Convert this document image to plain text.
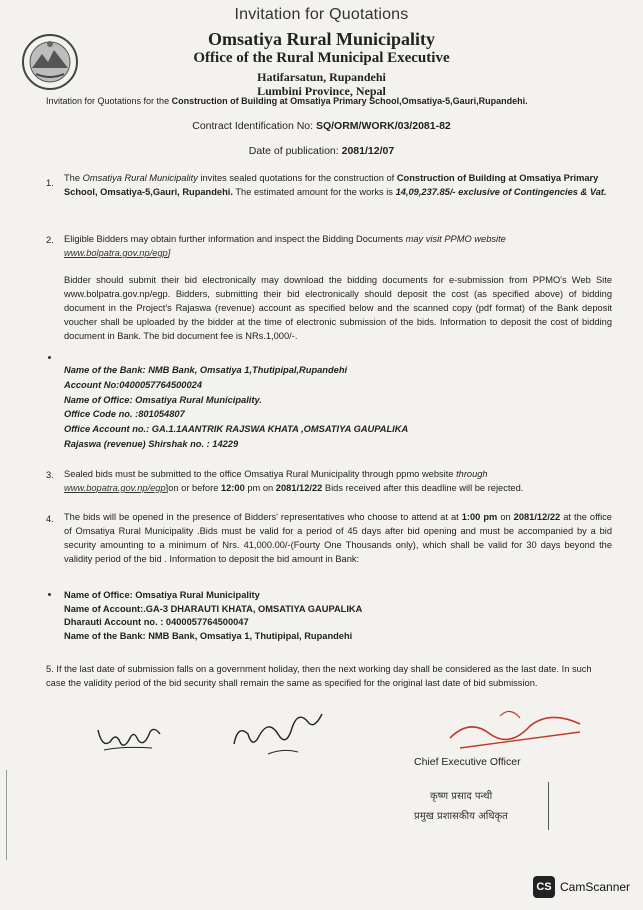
Invitation for Quotations
Omsatiya Rural Municipality
Office of the Rural Municipal Executive
Hatifarsatun, Rupandehi
Lumbini Province, Nepal
Invitation for Quotations for the Construction of Building at Omsatiya Primary School,Omsatiya-5,Gauri,Rupandehi.
Contract Identification No: SQ/ORM/WORK/03/2081-82
Date of publication: 2081/12/07
1. The Omsatiya Rural Municipality invites sealed quotations for the construction of Construction of Building at Omsatiya Primary School, Omsatiya-5,Gauri, Rupandehi. The estimated amount for the works is 14,09,237.85/- exclusive of Contingencies & Vat.
2. Eligible Bidders may obtain further information and inspect the Bidding Documents may visit PPMO website
www.bolpatra.gov.np/egp]
Bidder should submit their bid electronically may download the bidding documents for e-submission from PPMO's Web Site www.bolpatra.gov.np/egp. Bidders, submitting their bid electronically should deposit the cost (as specified above) of bidding document in the Project's Rajaswa (revenue) account as specified below and the scanned copy (pdf format) of the Bank deposit voucher shall be uploaded by the bidder at the time of electronic submission of the bids. Information to deposit the cost of bidding document in Bank. The bid document fee is NRs.1,000/-.
Name of the Bank: NMB Bank, Omsatiya 1,Thutipipal,Rupandehi
Account No:0400057764500024
Name of Office: Omsatiya Rural Municipality.
Office Code no. :801054807
Office Account no.: GA.1.1AANTRIK RAJSWA KHATA ,OMSATIYA GAUPALIKA
Rajaswa (revenue) Shirshak no. : 14229
3. Sealed bids must be submitted to the office Omsatiya Rural Municipality through ppmo website through
www.bopatra.gov.np/egp]on or before 12:00 pm on 2081/12/22 Bids received after this deadline will be rejected.
4. The bids will be opened in the presence of Bidders' representatives who choose to attend at at 1:00 pm on 2081/12/22 at the office of Omsatiya Rural Municipality .Bids must be valid for a period of 45 days after bid opening and must be accompanied by a bid security amounting to a minimum of Nrs. 41,000.00/-(Fourty One Thousands only), which shall be valid for 30 days beyond the validity period of the bid . Information to deposit the bid amount in Bank:
Name of Office: Omsatiya Rural Municipality
Name of Account:.GA-3 DHARAUTI KHATA, OMSATIYA GAUPALIKA
Dharauti Account no. : 0400057764500047
Name of the Bank: NMB Bank, Omsatiya 1, Thutipipal, Rupandehi
5. If the last date of submission falls on a government holiday, then the next working day shall be considered as the last date. In such case the validity period of the bid security shall remain the same as specified for the original last date of bid submission.
Chief Executive Officer
कृष्ण प्रसाद पन्थी
प्रमुख प्रशासकीय अधिकृत
CS CamScanner
